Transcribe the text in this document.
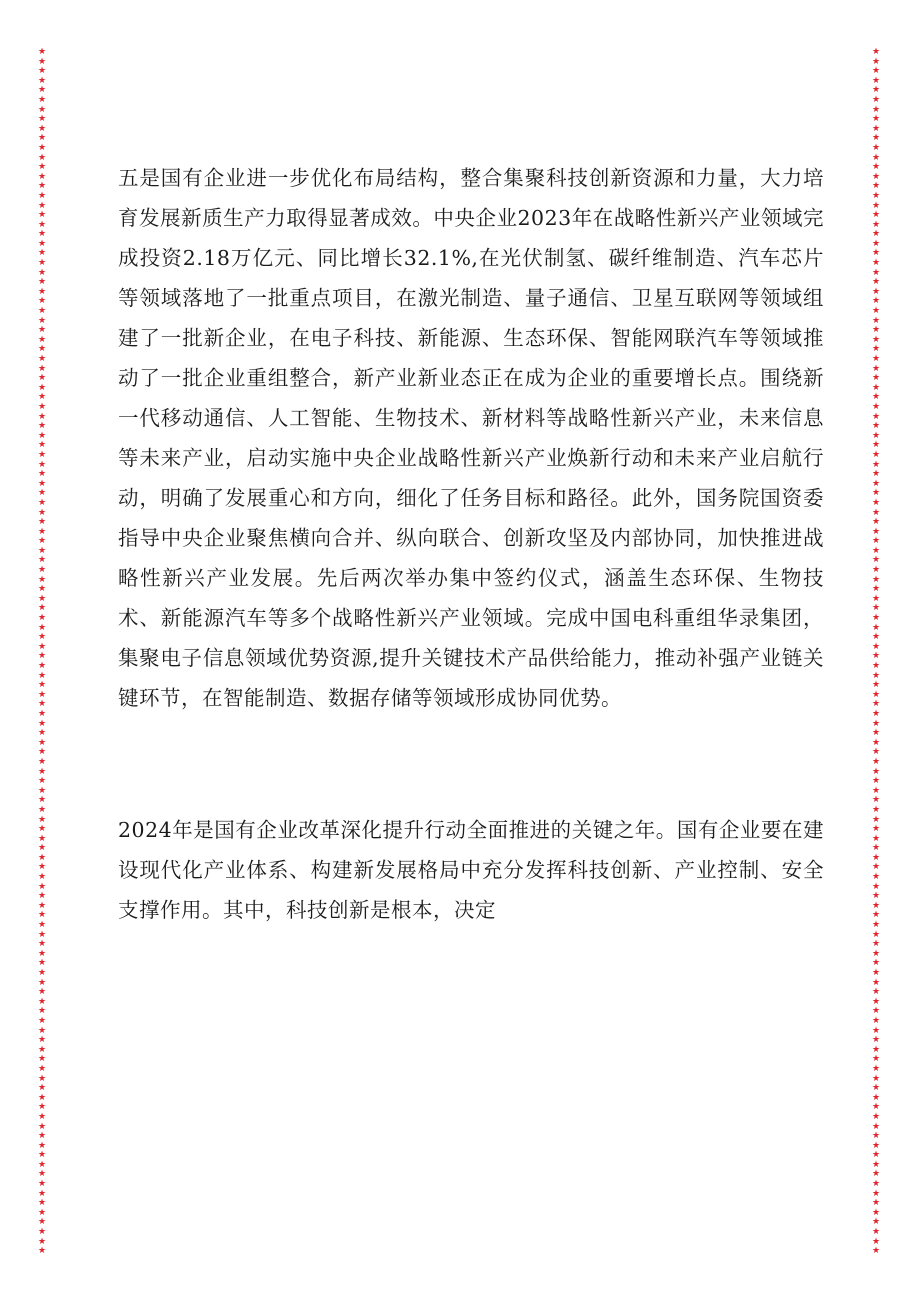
★
★
★
★
★
★
★
★
★
★
★
★
★
★
★
★
★
★
★
★
★
★
★
★
★
★
★
★
★
★
★
★
★
★
★
★
★
★
★
★
★
★
★
★
★
★
★
★
★
★
★
★
★
★
★
★
★
★
★
★
★
★
★
★
★
★
★
★
★
★
★
★
★
★
★
★
★
★
★
★
★
★
★
★
★
★
★
★
★
★
★
★
★
★
★
★
★
★
★
★
★
★
★
★
★
★
★
★
★
★
★
★
★
★
★
★
★
★
★
★
★
★
★
★
★
★

★
★
★
★
★
★
★
★
★
★
★
★
★
★
★
★
★
★
★
★
★
★
★
★
★
★
★
★
★
★
★
★
★
★
★
★
★
★
★
★
★
★
★
★
★
★
★
★
★
★
★
★
★
★
★
★
★
★
★
★
★
★
★
★
★
★
★
★
★
★
★
★
★
★
★
★
★
★
★
★
★
★
★
★
★
★
★
★
★
★
★
★
★
★
★
★
★
★
★
★
★
★
★
★
★
★
★
★
★
★
★
★
★
★
★
★
★
★
★
★
★
★
★
★
★
★

五是国有企业进一步优化布局结构，整合集聚科技创新资源和力量，大力培育发展新质生产力取得显著成效。中央企业2023年在战略性新兴产业领域完成投资2.18万亿元、同比增长32.1%,在光伏制氢、碳纤维制造、汽车芯片等领域落地了一批重点项目，在激光制造、量子通信、卫星互联网等领域组建了一批新企业，在电子科技、新能源、生态环保、智能网联汽车等领域推动了一批企业重组整合，新产业新业态正在成为企业的重要增长点。围绕新一代移动通信、人工智能、生物技术、新材料等战略性新兴产业，未来信息等未来产业，启动实施中央企业战略性新兴产业焕新行动和未来产业启航行动，明确了发展重心和方向，细化了任务目标和路径。此外，国务院国资委指导中央企业聚焦横向合并、纵向联合、创新攻坚及内部协同，加快推进战略性新兴产业发展。先后两次举办集中签约仪式，涵盖生态环保、生物技术、新能源汽车等多个战略性新兴产业领域。完成中国电科重组华录集团，集聚电子信息领域优势资源,提升关键技术产品供给能力，推动补强产业链关键环节，在智能制造、数据存储等领域形成协同优势。

2024年是国有企业改革深化提升行动全面推进的关键之年。国有企业要在建设现代化产业体系、构建新发展格局中充分发挥科技创新、产业控制、安全支撑作用。其中，科技创新是根本，决定
